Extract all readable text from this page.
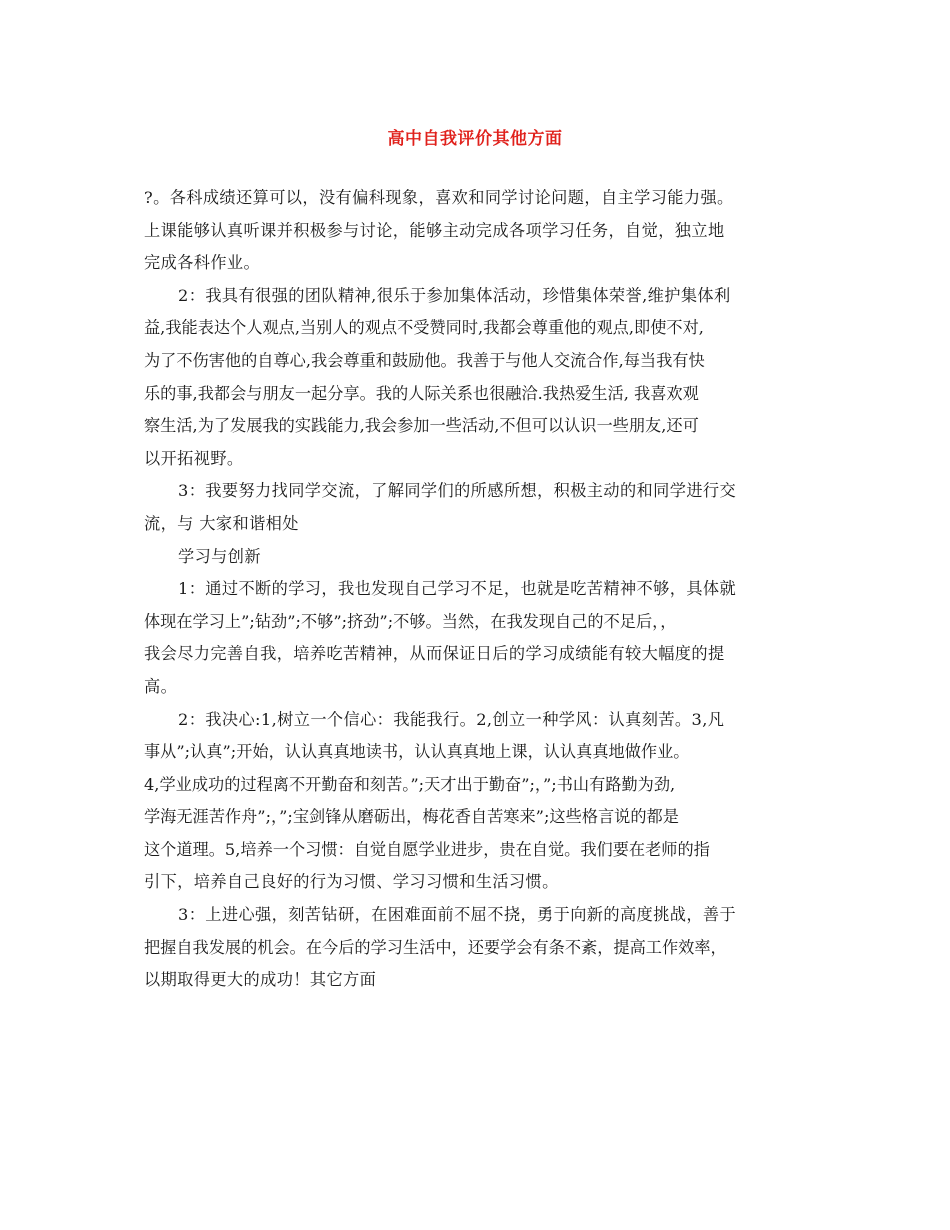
高中自我评价其他方面
?。各科成绩还算可以，没有偏科现象，喜欢和同学讨论问题，自主学习能力强。
上课能够认真听课并积极参与讨论，能够主动完成各项学习任务，自觉，独立地
完成各科作业。
2：我具有很强的团队精神,很乐于参加集体活动，珍惜集体荣誉,维护集体利
益,我能表达个人观点,当别人的观点不受赞同时,我都会尊重他的观点,即使不对,
为了不伤害他的自尊心,我会尊重和鼓励他。我善于与他人交流合作,每当我有快
乐的事,我都会与朋友一起分享。我的人际关系也很融洽.我热爱生活, 我喜欢观
察生活,为了发展我的实践能力,我会参加一些活动,不但可以认识一些朋友,还可
以开拓视野。
3：我要努力找同学交流，了解同学们的所感所想，积极主动的和同学进行交
流，与 大家和谐相处
学习与创新
1：通过不断的学习，我也发现自己学习不足，也就是吃苦精神不够，具体就
体现在学习上”;钻劲”;不够”;挤劲”;不够。当然，在我发现自己的不足后，，
我会尽力完善自我，培养吃苦精神，从而保证日后的学习成绩能有较大幅度的提
高。
2：我决心:1,树立一个信心：我能我行。2,创立一种学风：认真刻苦。3,凡
事从”;认真”;开始，认认真真地读书，认认真真地上课，认认真真地做作业。
4,学业成功的过程离不开勤奋和刻苦。”;天才出于勤奋”;，”;书山有路勤为劲,
学海无涯苦作舟”;，”;宝剑锋从磨砺出，梅花香自苦寒来”;这些格言说的都是
这个道理。5,培养一个习惯：自觉自愿学业进步，贵在自觉。我们要在老师的指
引下，培养自己良好的行为习惯、学习习惯和生活习惯。
3：上进心强，刻苦钻研，在困难面前不屈不挠，勇于向新的高度挑战，善于
把握自我发展的机会。在今后的学习生活中，还要学会有条不紊，提高工作效率，
以期取得更大的成功！其它方面
